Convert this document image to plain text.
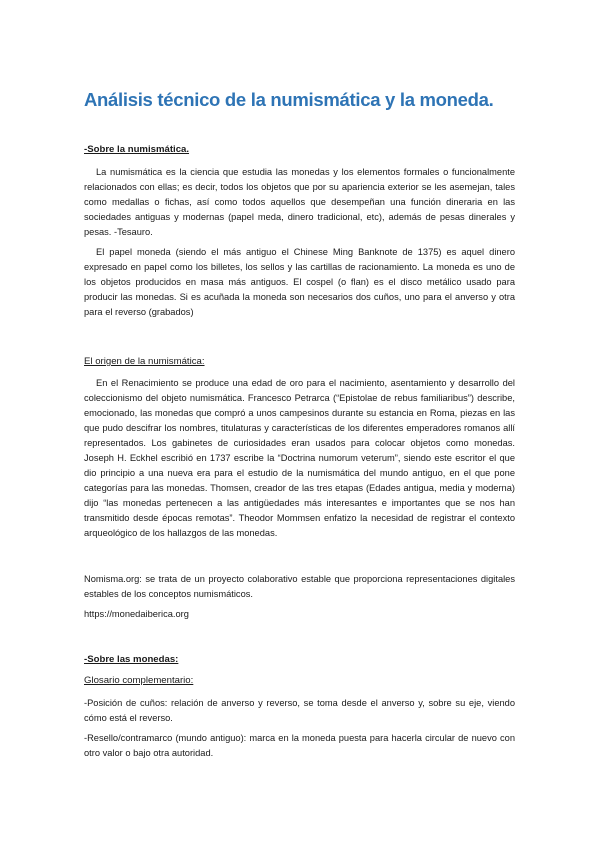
Análisis técnico de la numismática y la moneda.
-Sobre la numismática.

La numismática es la ciencia que estudia las monedas y los elementos formales o funcionalmente relacionados con ellas; es decir, todos los objetos que por su apariencia exterior se les asemejan, tales como medallas o fichas, así como todos aquellos que desempeñan una función dineraria en las sociedades antiguas y modernas (papel meda, dinero tradicional, etc), además de pesas dinerales y pesas. -Tesauro.

El papel moneda (siendo el más antiguo el Chinese Ming Banknote de 1375) es aquel dinero expresado en papel como los billetes, los sellos y las cartillas de racionamiento. La moneda es uno de los objetos producidos en masa más antiguos. El cospel (o flan) es el disco metálico usado para producir las monedas. Si es acuñada la moneda son necesarios dos cuños, uno para el anverso y otra para el reverso (grabados)

El origen de la numismática:

En el Renacimiento se produce una edad de oro para el nacimiento, asentamiento y desarrollo del coleccionismo del objeto numismática. Francesco Petrarca (“Epistolae de rebus familiaribus”) describe, emocionado, las monedas que compró a unos campesinos durante su estancia en Roma, piezas en las que pudo descifrar los nombres, titulaturas y características de los diferentes emperadores romanos allí representados. Los gabinetes de curiosidades eran usados para colocar objetos como monedas. Joseph H. Eckhel escribió en 1737 escribe la “Doctrina numorum veterum”, siendo este escritor el que dio principio a una nueva era para el estudio de la numismática del mundo antiguo, en el que pone categorías para las monedas. Thomsen, creador de las tres etapas (Edades antigua, media y moderna) dijo “las monedas pertenecen a las antigüedades más interesantes e importantes que se nos han transmitido desde épocas remotas”. Theodor Mommsen enfatizo la necesidad de registrar el contexto arqueológico de los hallazgos de las monedas.

Nomisma.org: se trata de un proyecto colaborativo estable que proporciona representaciones digitales estables de los conceptos numismáticos.

https://monedaiberica.org

-Sobre las monedas:
Glosario complementario:

-Posición de cuños: relación de anverso y reverso, se toma desde el anverso y, sobre su eje, viendo cómo está el reverso.

-Resello/contramarco (mundo antiguo): marca en la moneda puesta para hacerla circular de nuevo con otro valor o bajo otra autoridad.
